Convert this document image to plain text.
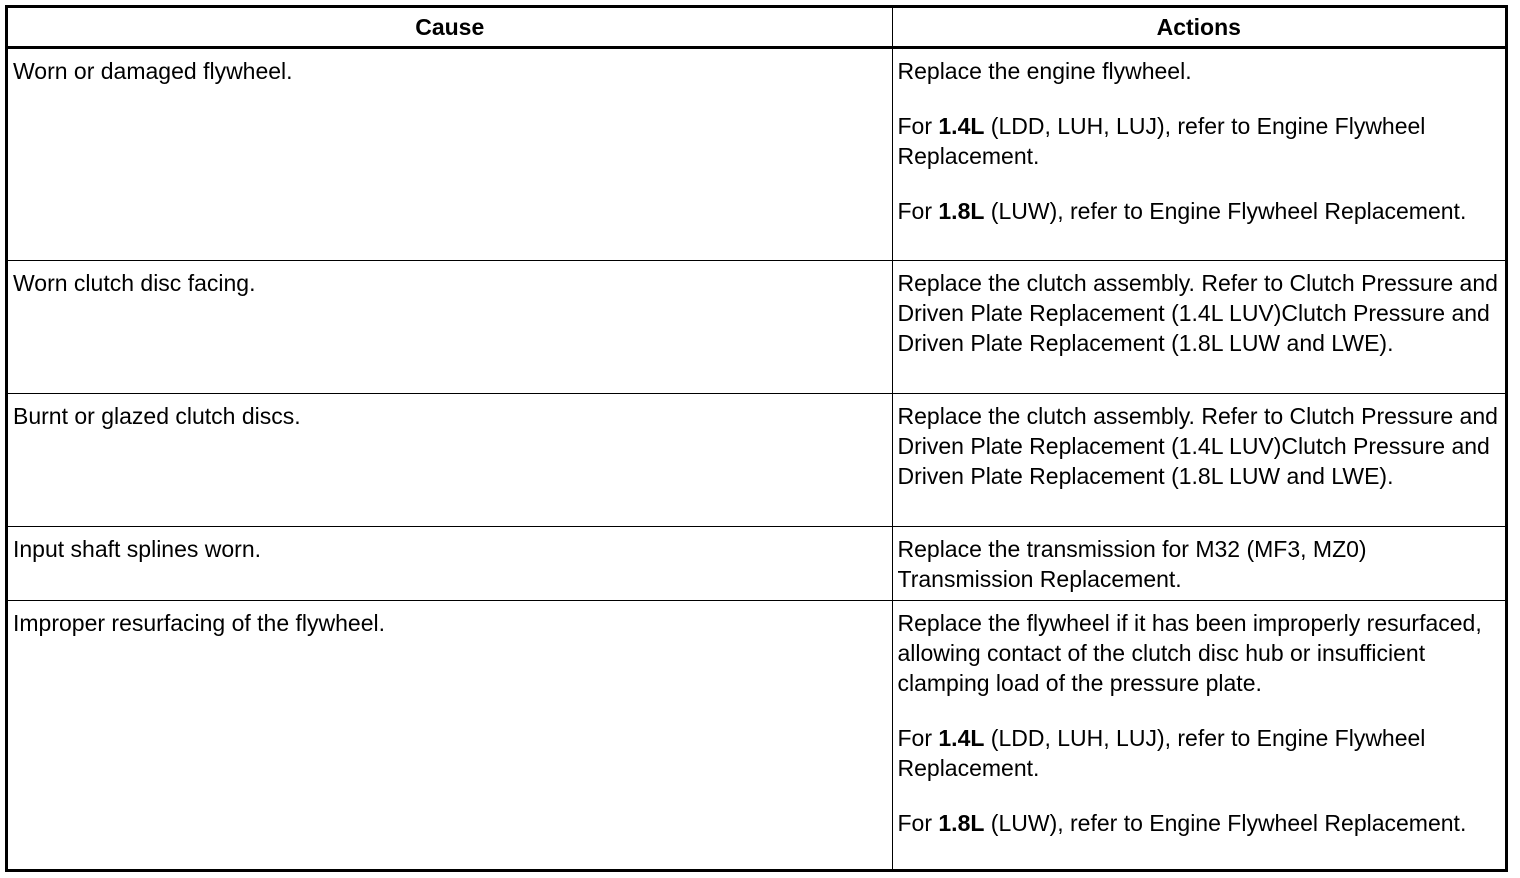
Cause	Actions
Worn or damaged flywheel.	Replace the engine flywheel.

For 1.4L (LDD, LUH, LUJ), refer to Engine Flywheel Replacement.

For 1.8L (LUW), refer to Engine Flywheel Replacement.

Worn clutch disc facing.	Replace the clutch assembly. Refer to Clutch Pressure and Driven Plate Replacement (1.4L LUV)Clutch Pressure and Driven Plate Replacement (1.8L LUW and LWE).

Burnt or glazed clutch discs.	Replace the clutch assembly. Refer to Clutch Pressure and Driven Plate Replacement (1.4L LUV)Clutch Pressure and Driven Plate Replacement (1.8L LUW and LWE).

Input shaft splines worn.	Replace the transmission for M32 (MF3, MZ0) Transmission Replacement.

Improper resurfacing of the flywheel.	Replace the flywheel if it has been improperly resurfaced, allowing contact of the clutch disc hub or insufficient clamping load of the pressure plate.

For 1.4L (LDD, LUH, LUJ), refer to Engine Flywheel Replacement.

For 1.8L (LUW), refer to Engine Flywheel Replacement.
